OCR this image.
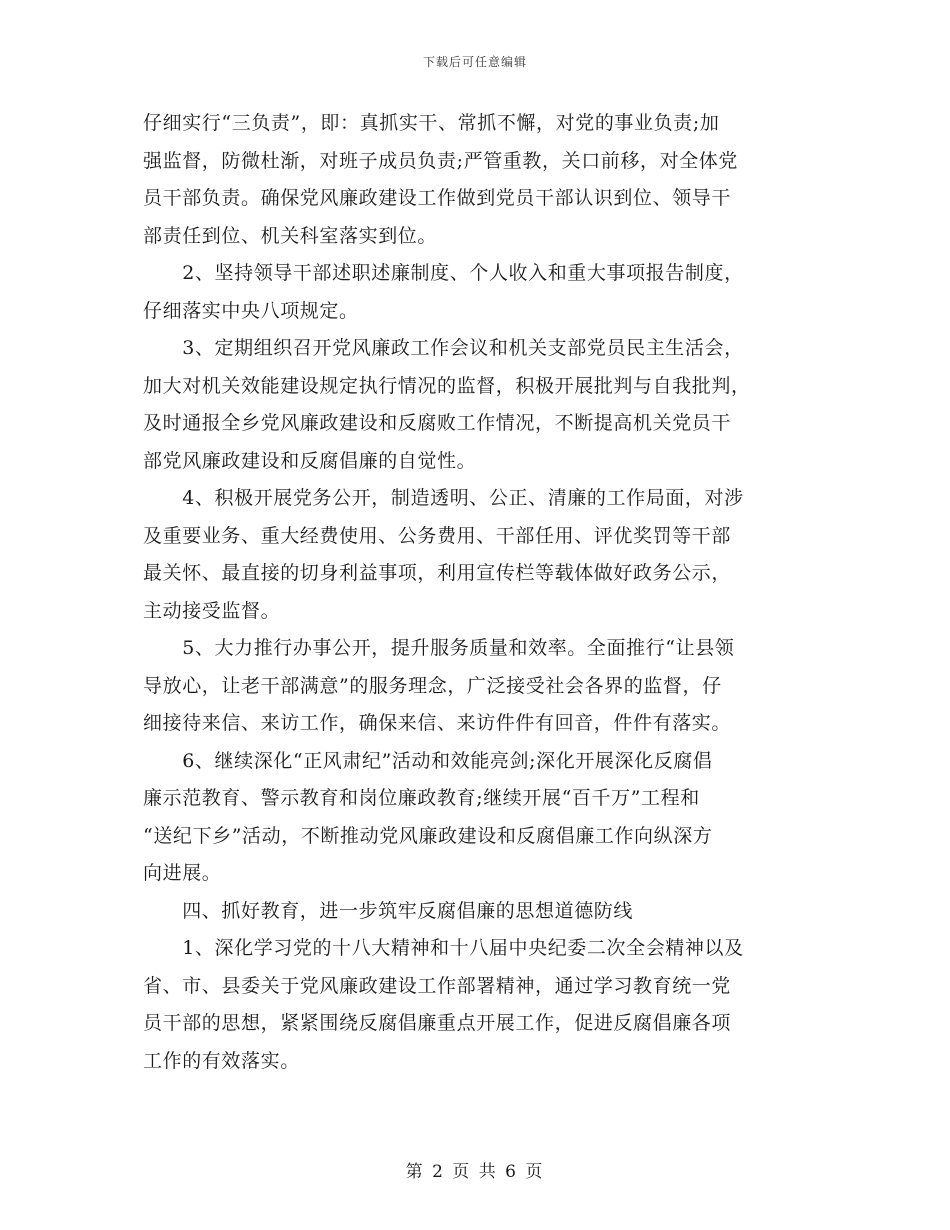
下载后可任意编辑

仔细实行“三负责”，即：真抓实干、常抓不懈，对党的事业负责;加
强监督，防微杜渐，对班子成员负责;严管重教，关口前移，对全体党
员干部负责。确保党风廉政建设工作做到党员干部认识到位、领导干
部责任到位、机关科室落实到位。

　　2、坚持领导干部述职述廉制度、个人收入和重大事项报告制度，
仔细落实中央八项规定。

　　3、定期组织召开党风廉政工作会议和机关支部党员民主生活会，
加大对机关效能建设规定执行情况的监督，积极开展批判与自我批判，
及时通报全乡党风廉政建设和反腐败工作情况，不断提高机关党员干
部党风廉政建设和反腐倡廉的自觉性。

　　4、积极开展党务公开，制造透明、公正、清廉的工作局面，对涉
及重要业务、重大经费使用、公务费用、干部任用、评优奖罚等干部
最关怀、最直接的切身利益事项，利用宣传栏等载体做好政务公示，
主动接受监督。

　　5、大力推行办事公开，提升服务质量和效率。全面推行“让县领
导放心，让老干部满意”的服务理念，广泛接受社会各界的监督，仔
细接待来信、来访工作，确保来信、来访件件有回音，件件有落实。

　　6、继续深化“正风肃纪”活动和效能亮剑;深化开展深化反腐倡
廉示范教育、警示教育和岗位廉政教育;继续开展“百千万”工程和
“送纪下乡”活动，不断推动党风廉政建设和反腐倡廉工作向纵深方
向进展。

　　四、抓好教育，进一步筑牢反腐倡廉的思想道德防线

　　1、深化学习党的十八大精神和十八届中央纪委二次全会精神以及
省、市、县委关于党风廉政建设工作部署精神，通过学习教育统一党
员干部的思想，紧紧围绕反腐倡廉重点开展工作，促进反腐倡廉各项
工作的有效落实。

第 2 页 共 6 页
